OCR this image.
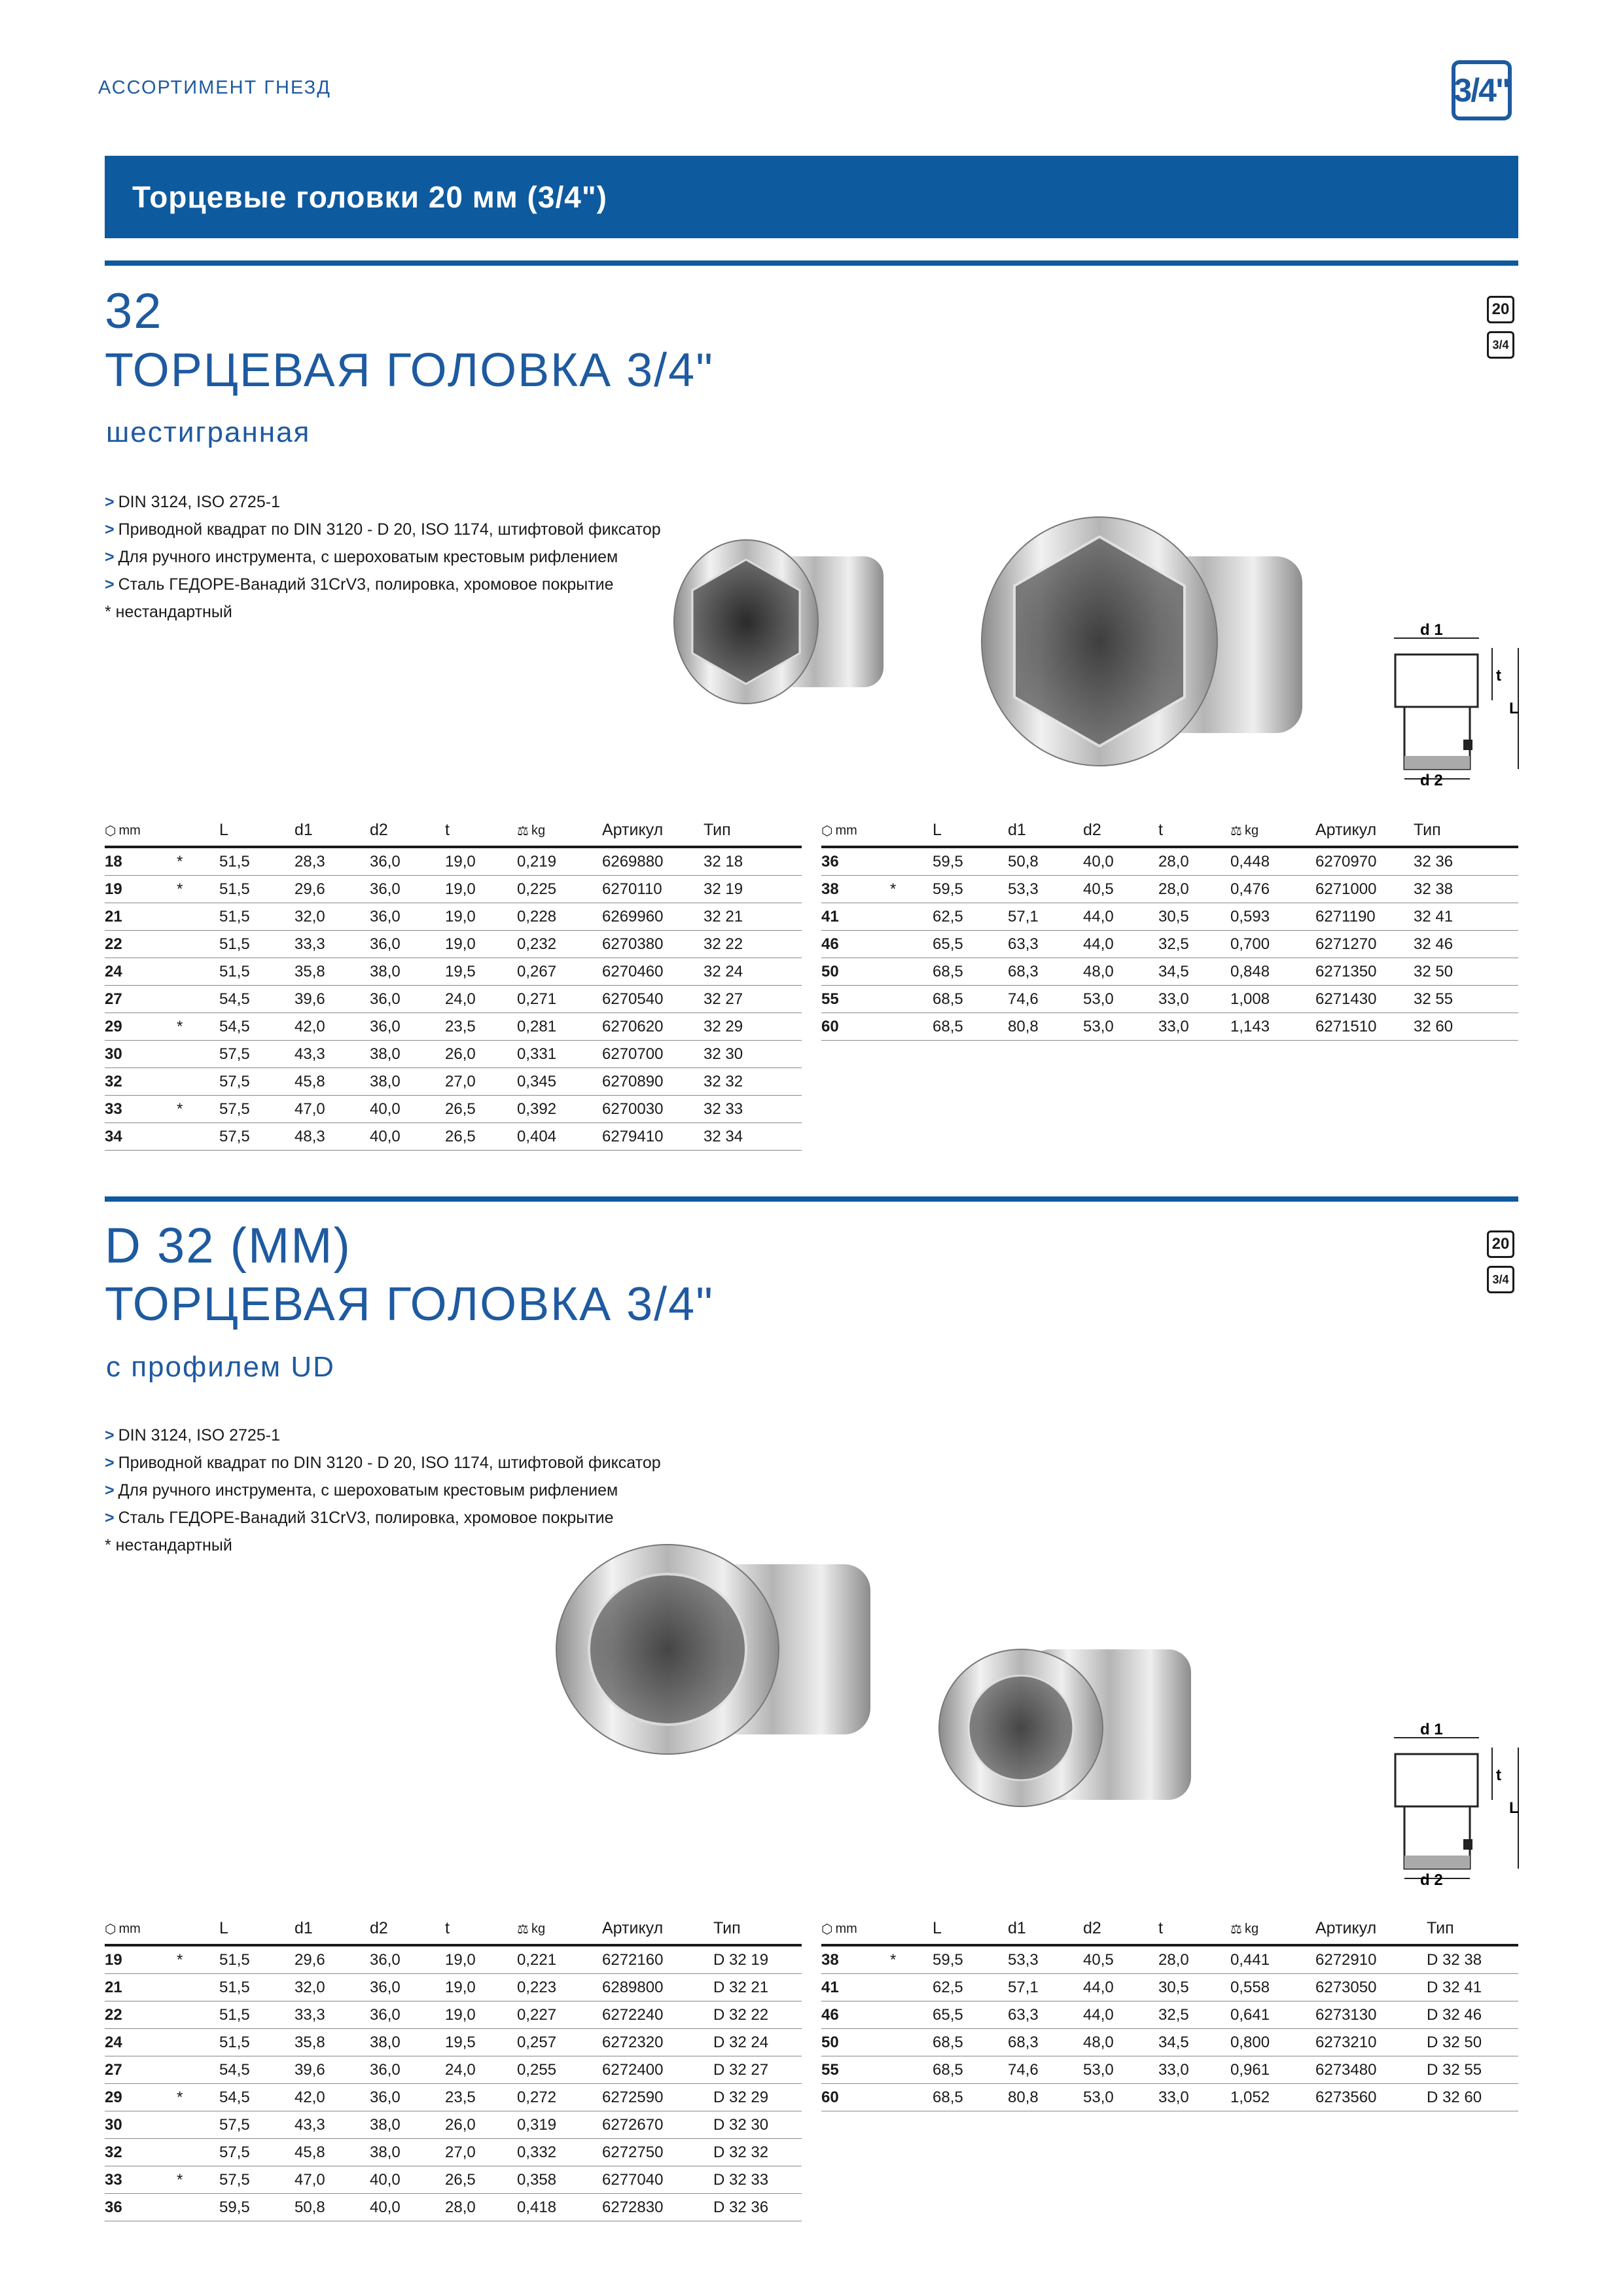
АССОРТИМЕНТ ГНЕЗД	3/4"
Торцевые головки 20 мм (3/4")
32
ТОРЦЕВАЯ ГОЛОВКА 3/4"
шестигранная
20
3/4
> DIN 3124, ISO 2725-1
> Приводной квадрат по DIN 3120 - D 20, ISO 1174, штифтовой фиксатор
> Для ручного инструмента, с шероховатым крестовым рифлением
> Сталь ГЕДОРЕ-Ванадий 31CrV3, полировка, хромовое покрытие
* нестандартный
d 1
t
L
d 2
⬡ mm		L	d1	d2	t	⚖ kg	Артикул	Тип
18	*	51,5	28,3	36,0	19,0	0,219	6269880	32 18
19	*	51,5	29,6	36,0	19,0	0,225	6270110	32 19
21		51,5	32,0	36,0	19,0	0,228	6269960	32 21
22		51,5	33,3	36,0	19,0	0,232	6270380	32 22
24		51,5	35,8	38,0	19,5	0,267	6270460	32 24
27		54,5	39,6	36,0	24,0	0,271	6270540	32 27
29	*	54,5	42,0	36,0	23,5	0,281	6270620	32 29
30		57,5	43,3	38,0	26,0	0,331	6270700	32 30
32		57,5	45,8	38,0	27,0	0,345	6270890	32 32
33	*	57,5	47,0	40,0	26,5	0,392	6270030	32 33
34		57,5	48,3	40,0	26,5	0,404	6279410	32 34
⬡ mm		L	d1	d2	t	⚖ kg	Артикул	Тип
36		59,5	50,8	40,0	28,0	0,448	6270970	32 36
38	*	59,5	53,3	40,5	28,0	0,476	6271000	32 38
41		62,5	57,1	44,0	30,5	0,593	6271190	32 41
46		65,5	63,3	44,0	32,5	0,700	6271270	32 46
50		68,5	68,3	48,0	34,5	0,848	6271350	32 50
55		68,5	74,6	53,0	33,0	1,008	6271430	32 55
60		68,5	80,8	53,0	33,0	1,143	6271510	32 60
D 32 (ММ)
ТОРЦЕВАЯ ГОЛОВКА 3/4"
с профилем UD
20
3/4
> DIN 3124, ISO 2725-1
> Приводной квадрат по DIN 3120 - D 20, ISO 1174, штифтовой фиксатор
> Для ручного инструмента, с шероховатым крестовым рифлением
> Сталь ГЕДОРЕ-Ванадий 31CrV3, полировка, хромовое покрытие
* нестандартный
d 1
t
L
d 2
⬡ mm		L	d1	d2	t	⚖ kg	Артикул	Тип
19	*	51,5	29,6	36,0	19,0	0,221	6272160	D 32 19
21		51,5	32,0	36,0	19,0	0,223	6289800	D 32 21
22		51,5	33,3	36,0	19,0	0,227	6272240	D 32 22
24		51,5	35,8	38,0	19,5	0,257	6272320	D 32 24
27		54,5	39,6	36,0	24,0	0,255	6272400	D 32 27
29	*	54,5	42,0	36,0	23,5	0,272	6272590	D 32 29
30		57,5	43,3	38,0	26,0	0,319	6272670	D 32 30
32		57,5	45,8	38,0	27,0	0,332	6272750	D 32 32
33	*	57,5	47,0	40,0	26,5	0,358	6277040	D 32 33
36		59,5	50,8	40,0	28,0	0,418	6272830	D 32 36
⬡ mm		L	d1	d2	t	⚖ kg	Артикул	Тип
38	*	59,5	53,3	40,5	28,0	0,441	6272910	D 32 38
41		62,5	57,1	44,0	30,5	0,558	6273050	D 32 41
46		65,5	63,3	44,0	32,5	0,641	6273130	D 32 46
50		68,5	68,3	48,0	34,5	0,800	6273210	D 32 50
55		68,5	74,6	53,0	33,0	0,961	6273480	D 32 55
60		68,5	80,8	53,0	33,0	1,052	6273560	D 32 60
